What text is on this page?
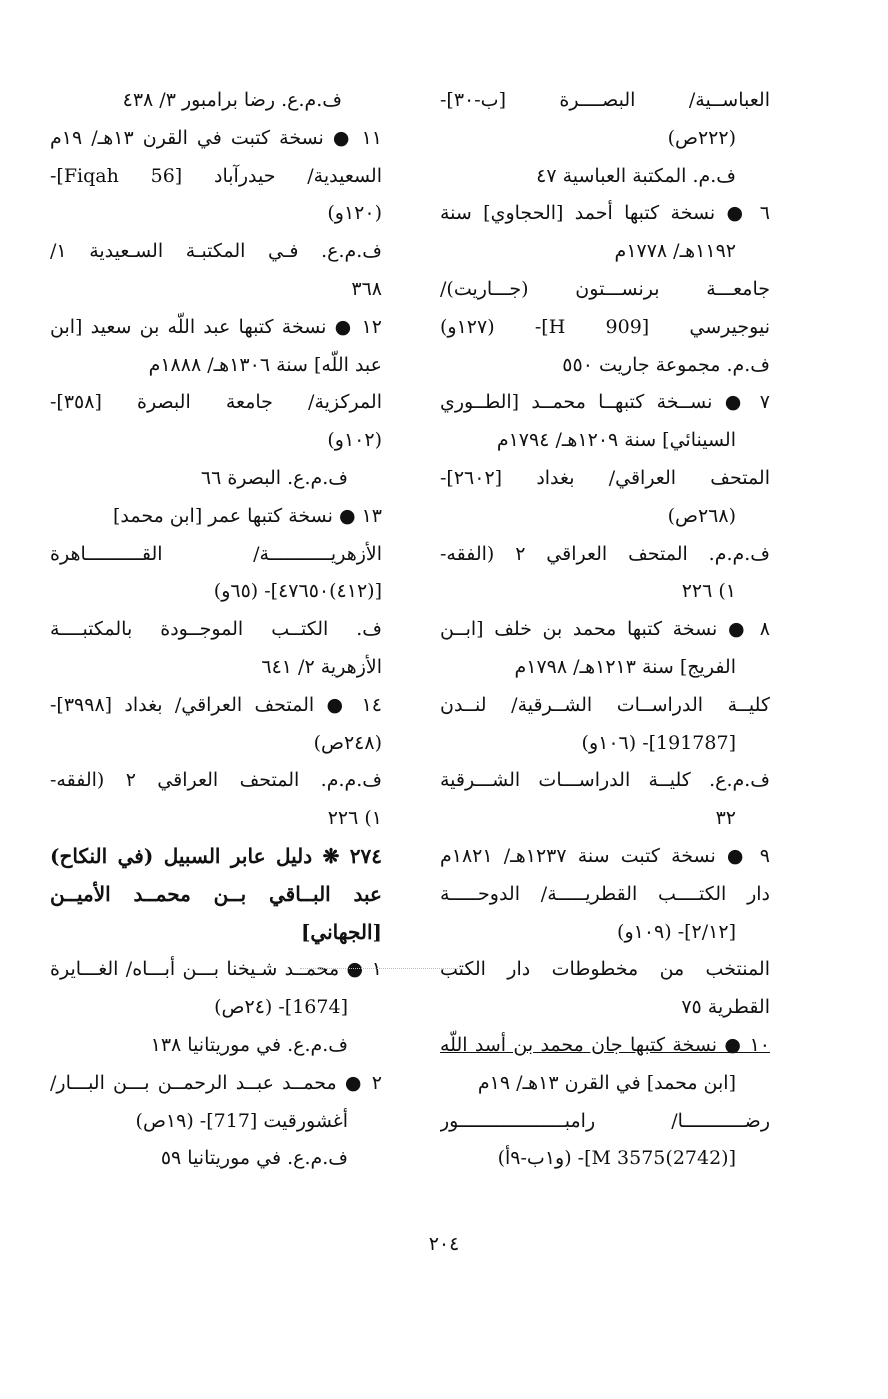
العباســية/ البصــــرة [ب-٣٠]-
(٢٢٢ص)
ف.م. المكتبة العباسية ٤٧
٦ ● نسخة كتبها أحمد [الحجاوي] سنة
١١٩٢هـ/ ١٧٧٨م
جامعـــة برنســـتون (جـــاريت)/
نيوجيرسي [909 H]- (١٢٧و)
ف.م. مجموعة جاريت ٥٥٠
٧ ● نســخة كتبهــا محمــد [الطــوري
السينائي] سنة ١٢٠٩هـ/ ١٧٩٤م
المتحف العراقي/ بغداد [٢٦٠٢]-
(٢٦٨ص)
ف.م.م. المتحف العراقي ٢ (الفقه-
١) ٢٢٦
٨ ● نسخة كتبها محمد بن خلف [ابــن
الفريج] سنة ١٢١٣هـ/ ١٧٩٨م
كليــة الدراســات الشــرقية/ لنــدن
[191787]- (١٠٦و)
ف.م.ع. كليــة الدراســـات الشـــرقية
٣٢
٩ ● نسخة كتبت سنة ١٢٣٧هـ/ ١٨٢١م
دار الكتــــب القطريـــــة/ الدوحـــــة
[٢/١٢]- (١٠٩و)
المنتخب من مخطوطات دار الكتب
القطرية ٧٥
١٠ ● نسخة كتبها جان محمد بن أسد اللّه
[ابن محمد] في القرن ١٣هـ/ ١٩م
رضـــــــــــا/ رامبـــــــــــــــــــور
[(2742)3575 M]- (و١ب-٩أ)
ف.م.ع. رضا برامبور ٣/ ٤٣٨
١١ ● نسخة كتبت في القرن ١٣هـ/ ١٩م
السعيدية/ حيدرآباد [Fiqah 56]-
(١٢٠و)
ف.م.ع. فـي المكتبـة السـعيدية ١/
٣٦٨
١٢ ● نسخة كتبها عبد اللّه بن سعيد [ابن
عبد اللّه] سنة ١٣٠٦هـ/ ١٨٨٨م
المركزية/ جامعة البصرة [٣٥٨]-
(١٠٢و)
ف.م.ع. البصرة ٦٦
١٣ ● نسخة كتبها عمر [ابن محمد]
الأزهريـــــــــــة/ القــــــــــاهرة
[(٤١٢)٤٧٦٥٠]- (٦٥و)
ف. الكتــب الموجــودة بالمكتبــــة
الأزهرية ٢/ ٦٤١
١٤ ● المتحف العراقي/ بغداد [٣٩٩٨]-
(٢٤٨ص)
ف.م.م. المتحف العراقي ٢ (الفقه-
١) ٢٢٦
٢٧٤ ❋ دليل عابر السبيل (في النكاح)
عبد البــاقي بــن محمــد الأميــن
[الجهاني]
١ ● محمــد شـيخنا بـــن أبـــاه/ الغـــايرة
[1674]- (٢٤ص)
ف.م.ع. في موريتانيا ١٣٨
٢ ● محمــد عبــد الرحمــن بـــن البـــار/
أغشورقيت [717]- (١٩ص)
ف.م.ع. في موريتانيا ٥٩
٢٠٤
